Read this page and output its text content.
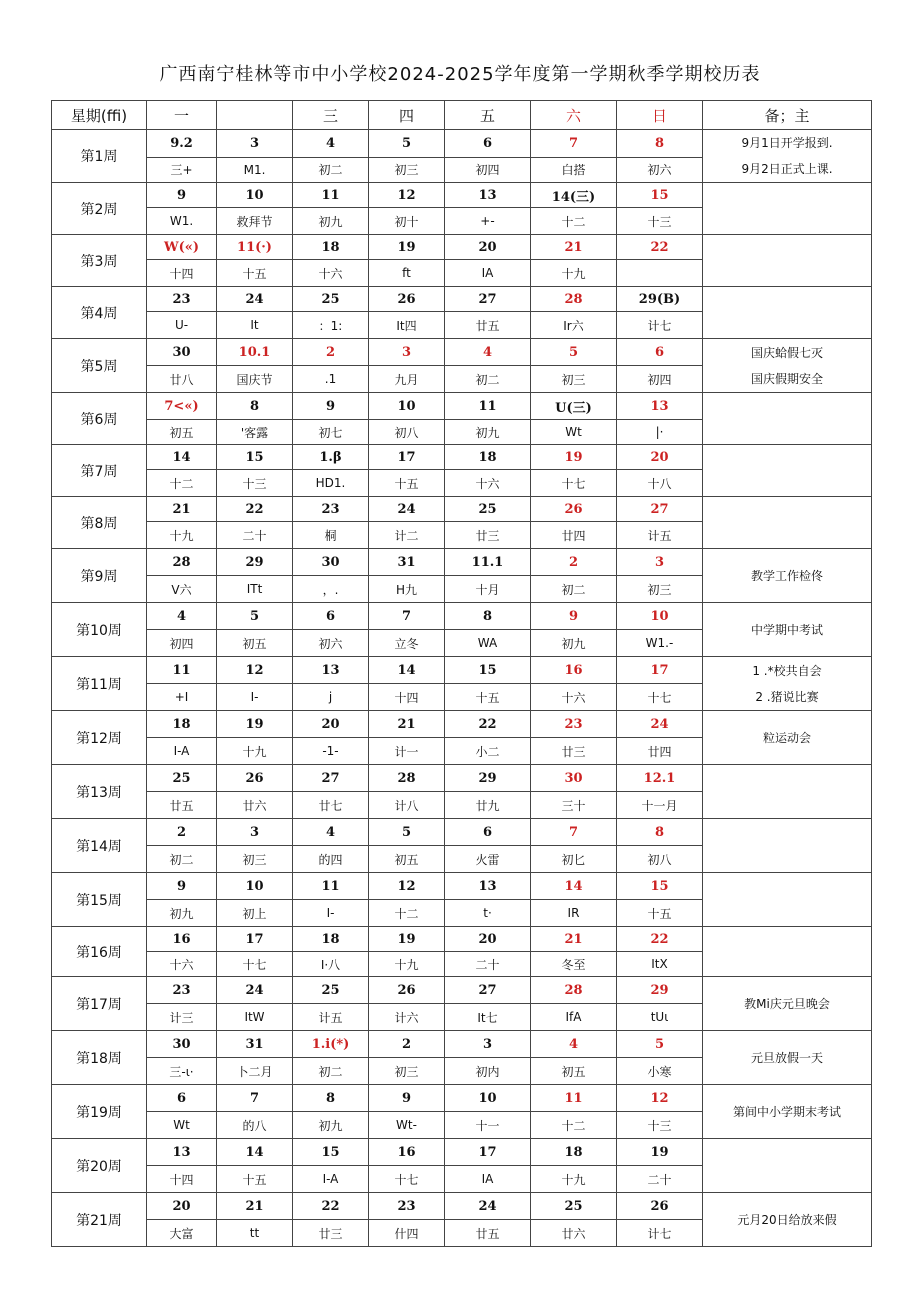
广西南宁桂林等市中小学校2024-2025学年度第一学期秋季学期校历表
星期(ffi)	一		三	四	五	六	日	备；主
第1周	9.2	3	4	5	6	7	8	9月1日开学报到.
9月2日正式上课.

	三+	M1.	初二	初三	初四	白搭	初六	
第2周	9	10	11	12	13	14(三)	15	
	W1.	救拜节	初九	初十	+-	十二	十三	
第3周	W(«)	11(·)	18	19	20	21	22	
	十四	十五	十六	ft	IA	十九		
第4周	23	24	25	26	27	28	29(B)	
	U-	It	：1:	It四	廿五	Ir六	计七	
第5周	30	10.1	2	3	4	5	6	国庆蛤假七灭
国庆假期安全

	廿八	国庆节	.1	九月	初二	初三	初四	
第6周	7<«)	8	9	10	11	U(三)	13	
	初五	'客露	初七	初八	初九	Wt	|·	
第7周	14	15	1.β	17	18	19	20	
	十二	十三	HD1.	十五	十六	十七	十八	
第8周	21	22	23	24	25	26	27	
	十九	二十	桐	计二	廿三	廿四	计五	
第9周	28	29	30	31	11.1	2	3	教学工作检佟

	V六	ITt	，.	H九	十月	初二	初三	
第10周	4	5	6	7	8	9	10	中学期中考试

	初四	初五	初六	立冬	WA	初九	W1.-	
第11周	11	12	13	14	15	16	17	1 .*校共自会
2 .猪说比赛

	+I	I-	j	十四	十五	十六	十七	
第12周	18	19	20	21	22	23	24	粒运动会

	I-A	十九	-1-	计一	小二	廿三	廿四	
第13周	25	26	27	28	29	30	12.1	
	廿五	廿六	廿七	计八	廿九	三十	十一月	
第14周	2	3	4	5	6	7	8	
	初二	初三	的四	初五	火雷	初匕	初八	
第15周	9	10	11	12	13	14	15	
	初九	初上	I-	十二	t·	IR	十五	
第16周	16	17	18	19	20	21	22	
	十六	十七	I·八	十九	二十	冬至	ItX	
第17周	23	24	25	26	27	28	29	教Mi庆元旦晚会

	计三	ItW	计五	计六	It七	IfA	tUι	
第18周	30	31	1.i(*)	2	3	4	5	元旦放假一天

	三-ι·	卜二月	初二	初三	初内	初五	小寒	
第19周	6	7	8	9	10	11	12	第间中小学期末考试

	Wt	的八	初九	Wt-	十一	十二	十三	
第20周	13	14	15	16	17	18	19	
	十四	十五	I-A	十七	IA	十九	二十	
第21周	20	21	22	23	24	25	26	元月20日给放来假

	大富	tt	廿三	什四	廿五	廿六	计七	
